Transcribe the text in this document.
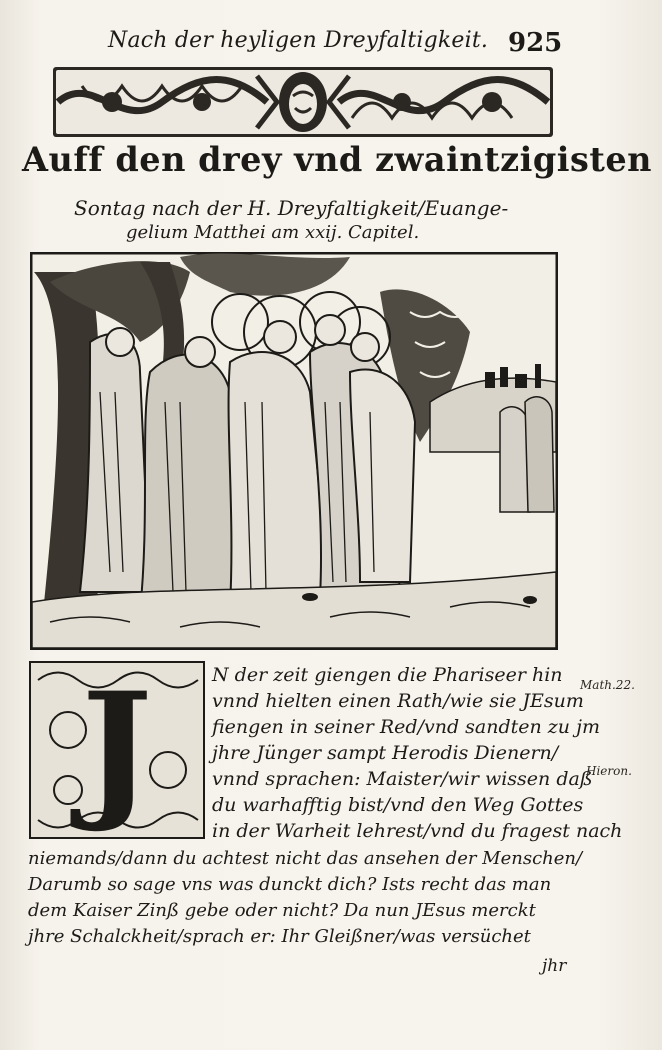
Nach der heyligen Dreyfaltigkeit. 925
Auff den drey vnd zwaintzigisten
Sontag nach der H. Dreyfaltigkeit/Euange-
gelium Matthei am xxij. Capitel.
J	N der zeit giengen die Phariseer hin
vnnd hielten einen Rath/wie sie JEsum
fiengen in seiner Red/vnd sandten zu jm
jhre Jünger sampt Herodis Dienern/
vnnd sprachen: Maister/wir wissen daß
du warhafftig bist/vnd den Weg Gottes
in der Warheit lehrest/vnd du fragest nach
niemands/dann du achtest nicht das ansehen der Menschen/
Darumb so sage vns was dunckt dich? Ists recht das man
dem Kaiser Zinß gebe oder nicht? Da nun JEsus merckt
jhre Schalckheit/sprach er: Ihr Gleißner/was versüchet
Math.22.
Hieron.
jhr
